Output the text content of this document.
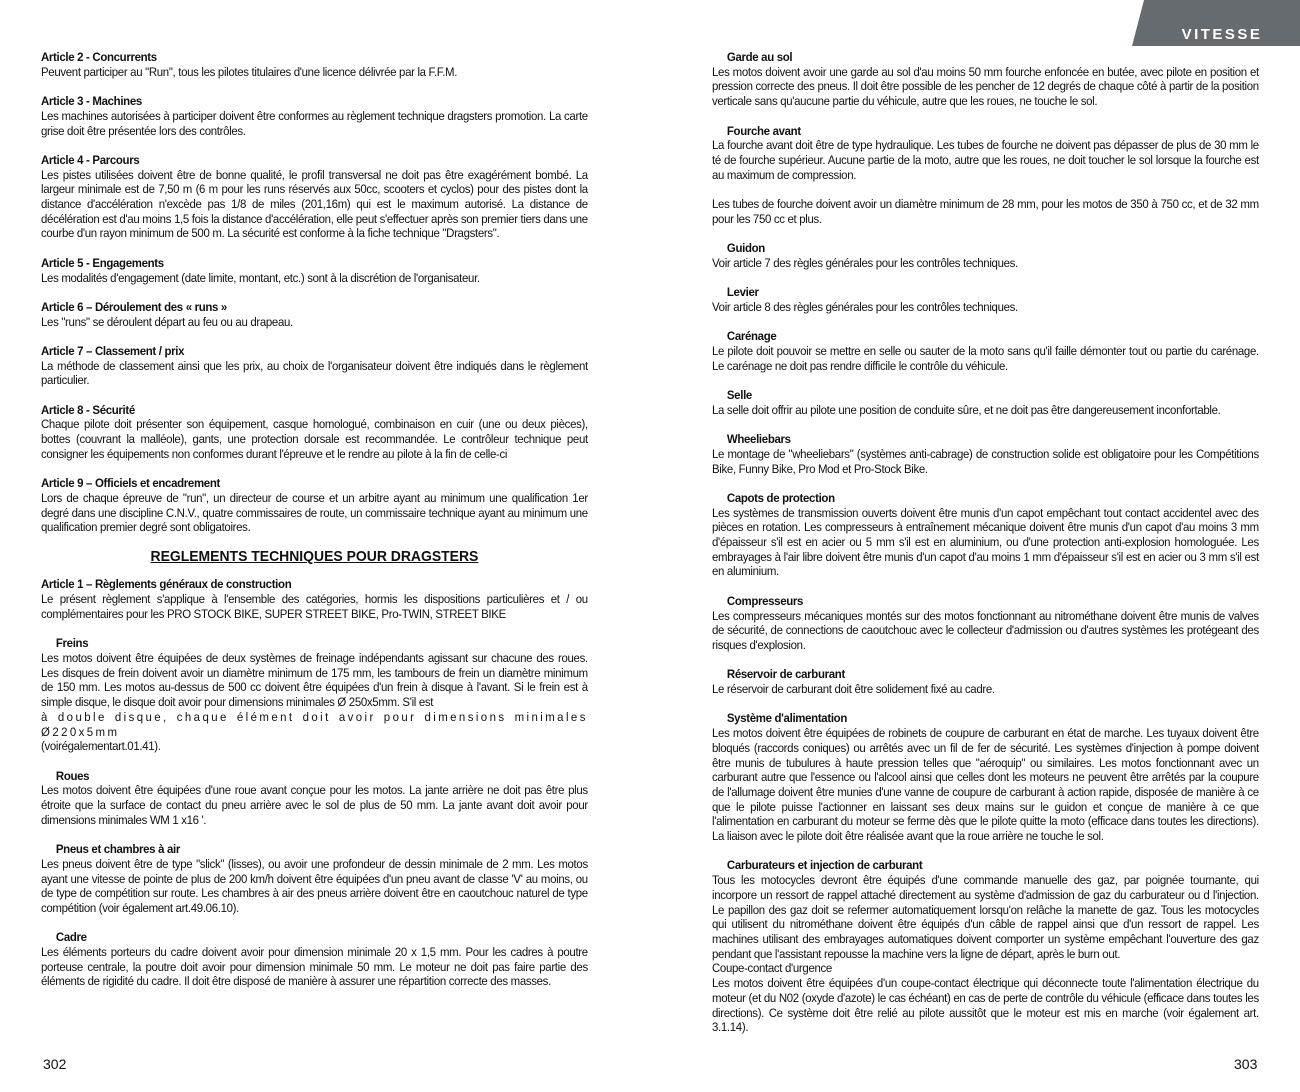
Article 2 - Concurrents
Peuvent participer au "Run", tous les pilotes titulaires d'une licence délivrée par la F.F.M.
Article 3 - Machines
Les machines autorisées à participer doivent être conformes au règlement technique dragsters promotion. La carte grise doit être présentée lors des contrôles.
Article 4 - Parcours
Les pistes utilisées doivent être de bonne qualité, le profil transversal ne doit pas être exagérément bombé. La largeur minimale est de 7,50 m (6 m pour les runs réservés aux 50cc, scooters et cyclos) pour des pistes dont la distance d'accélération n'excède pas 1/8 de miles (201,16m) qui est le maximum autorisé. La distance de décélération est d'au moins 1,5 fois la distance d'accélération, elle peut s'effectuer après son premier tiers dans une courbe d'un rayon minimum de 500 m. La sécurité est conforme à la fiche technique "Dragsters".
Article 5 - Engagements
Les modalités d'engagement (date limite, montant, etc.) sont à la discrétion de l'organisateur.
Article 6 – Déroulement des « runs »
Les "runs" se déroulent départ au feu ou au drapeau.
Article 7 – Classement / prix
La méthode de classement ainsi que les prix, au choix de l'organisateur doivent être indiqués dans le règlement particulier.
Article 8 - Sécurité
Chaque pilote doit présenter son équipement, casque homologué, combinaison en cuir (une ou deux pièces), bottes (couvrant la malléole), gants, une protection dorsale est recommandée. Le contrôleur technique peut consigner les équipements non conformes durant l'épreuve et le rendre au pilote à la fin de celle-ci
Article 9 – Officiels et encadrement
Lors de chaque épreuve de "run", un directeur de course et un arbitre ayant au minimum une qualification 1er degré dans une discipline C.N.V., quatre commissaires de route, un commissaire technique ayant au minimum une qualification premier degré sont obligatoires.
REGLEMENTS TECHNIQUES POUR DRAGSTERS
Article 1 – Règlements généraux de construction
Le présent règlement s'applique à l'ensemble des catégories, hormis les dispositions particulières et / ou complémentaires pour les PRO STOCK BIKE, SUPER STREET BIKE, Pro-TWIN, STREET BIKE
Freins
Les motos doivent être équipées de deux systèmes de freinage indépendants agissant sur chacune des roues. Les disques de frein doivent avoir un diamètre minimum de 175 mm, les tambours de frein un diamètre minimum de 150 mm. Les motos au-dessus de 500 cc doivent être équipées d'un frein à disque à l'avant. Si le frein est à simple disque, le disque doit avoir pour dimensions minimales Ø 250x5mm. S'il est
à double disque, chaque élément doit avoir pour dimensions minimales Ø220x5mm
(voirégalementart.01.41).
Roues
Les motos doivent être équipées d'une roue avant conçue pour les motos. La jante arrière ne doit pas être plus étroite que la surface de contact du pneu arrière avec le sol de plus de 50 mm. La jante avant doit avoir pour dimensions minimales WM 1 x16 '.
Pneus et chambres à air
Les pneus doivent être de type "slick" (lisses), ou avoir une profondeur de dessin minimale de 2 mm. Les motos ayant une vitesse de pointe de plus de 200 km/h doivent être équipées d'un pneu avant de classe 'V' au moins, ou de type de compétition sur route. Les chambres à air des pneus arrière doivent être en caoutchouc naturel de type compétition (voir également art.49.06.10).
Cadre
Les éléments porteurs du cadre doivent avoir pour dimension minimale 20 x 1,5 mm. Pour les cadres à poutre porteuse centrale, la poutre doit avoir pour dimension minimale 50 mm. Le moteur ne doit pas faire partie des éléments de rigidité du cadre. Il doit être disposé de manière à assurer une répartition correcte des masses.
302
VITESSE
Garde au sol
Les motos doivent avoir une garde au sol d'au moins 50 mm fourche enfoncée en butée, avec pilote en position et pression correcte des pneus. Il doit être possible de les pencher de 12 degrés de chaque côté à partir de la position verticale sans qu'aucune partie du véhicule, autre que les roues, ne touche le sol.
Fourche avant
La fourche avant doit être de type hydraulique. Les tubes de fourche ne doivent pas dépasser de plus de 30 mm le té de fourche supérieur. Aucune partie de la moto, autre que les roues, ne doit toucher le sol lorsque la fourche est au maximum de compression.
Les tubes de fourche doivent avoir un diamètre minimum de 28 mm, pour les motos de 350 à 750 cc, et de 32 mm pour les 750 cc et plus.
Guidon
Voir article 7 des règles générales pour les contrôles techniques.
Levier
Voir article 8 des règles générales pour les contrôles techniques.
Carénage
Le pilote doit pouvoir se mettre en selle ou sauter de la moto sans qu'il faille démonter tout ou partie du carénage. Le carénage ne doit pas rendre difficile le contrôle du véhicule.
Selle
La selle doit offrir au pilote une position de conduite sûre, et ne doit pas être dangereusement inconfortable.
Wheeliebars
Le montage de "wheeliebars" (systèmes anti-cabrage) de construction solide est obligatoire pour les Compétitions Bike, Funny Bike, Pro Mod et Pro-Stock Bike.
Capots de protection
Les systèmes de transmission ouverts doivent être munis d'un capot empêchant tout contact accidentel avec des pièces en rotation. Les compresseurs à entraînement mécanique doivent être munis d'un capot d'au moins 3 mm d'épaisseur s'il est en acier ou 5 mm s'il est en aluminium, ou d'une protection anti-explosion homologuée. Les embrayages à l'air libre doivent être munis d'un capot d'au moins 1 mm d'épaisseur s'il est en acier ou 3 mm s'il est en aluminium.
Compresseurs
Les compresseurs mécaniques montés sur des motos fonctionnant au nitrométhane doivent être munis de valves de sécurité, de connections de caoutchouc avec le collecteur d'admission ou d'autres systèmes les protégeant des risques d'explosion.
Réservoir de carburant
Le réservoir de carburant doit être solidement fixé au cadre.
Système d'alimentation
Les motos doivent être équipées de robinets de coupure de carburant en état de marche. Les tuyaux doivent être bloqués (raccords coniques) ou arrêtés avec un fil de fer de sécurité. Les systèmes d'injection à pompe doivent être munis de tubulures à haute pression telles que "aéroquip" ou similaires. Les motos fonctionnant avec un carburant autre que l'essence ou l'alcool ainsi que celles dont les moteurs ne peuvent être arrêtés par la coupure de l'allumage doivent être munies d'une vanne de coupure de carburant à action rapide, disposée de manière à ce que le pilote puisse l'actionner en laissant ses deux mains sur le guidon et conçue de manière à ce que l'alimentation en carburant du moteur se ferme dès que le pilote quitte la moto (efficace dans toutes les directions). La liaison avec le pilote doit être réalisée avant que la roue arrière ne touche le sol.
Carburateurs et injection de carburant
Tous les motocycles devront être équipés d'une commande manuelle des gaz, par poignée tournante, qui incorpore un ressort de rappel attaché directement au système d'admission de gaz du carburateur ou d l'injection. Le papillon des gaz doit se refermer automatiquement lorsqu'on relâche la manette de gaz. Tous les motocycles qui utilisent du nitrométhane doivent être équipés d'un câble de rappel ainsi que d'un ressort de rappel. Les machines utilisant des embrayages automatiques doivent comporter un système empêchant l'ouverture des gaz pendant que l'assistant repousse la machine vers la ligne de départ, après le burn out.
Coupe-contact d'urgence
Les motos doivent être équipées d'un coupe-contact électrique qui déconnecte toute l'alimentation électrique du moteur (et du N02 (oxyde d'azote) le cas échéant) en cas de perte de contrôle du véhicule (efficace dans toutes les directions). Ce système doit être relié au pilote aussitôt que le moteur est mis en marche (voir également art. 3.1.14).
303
